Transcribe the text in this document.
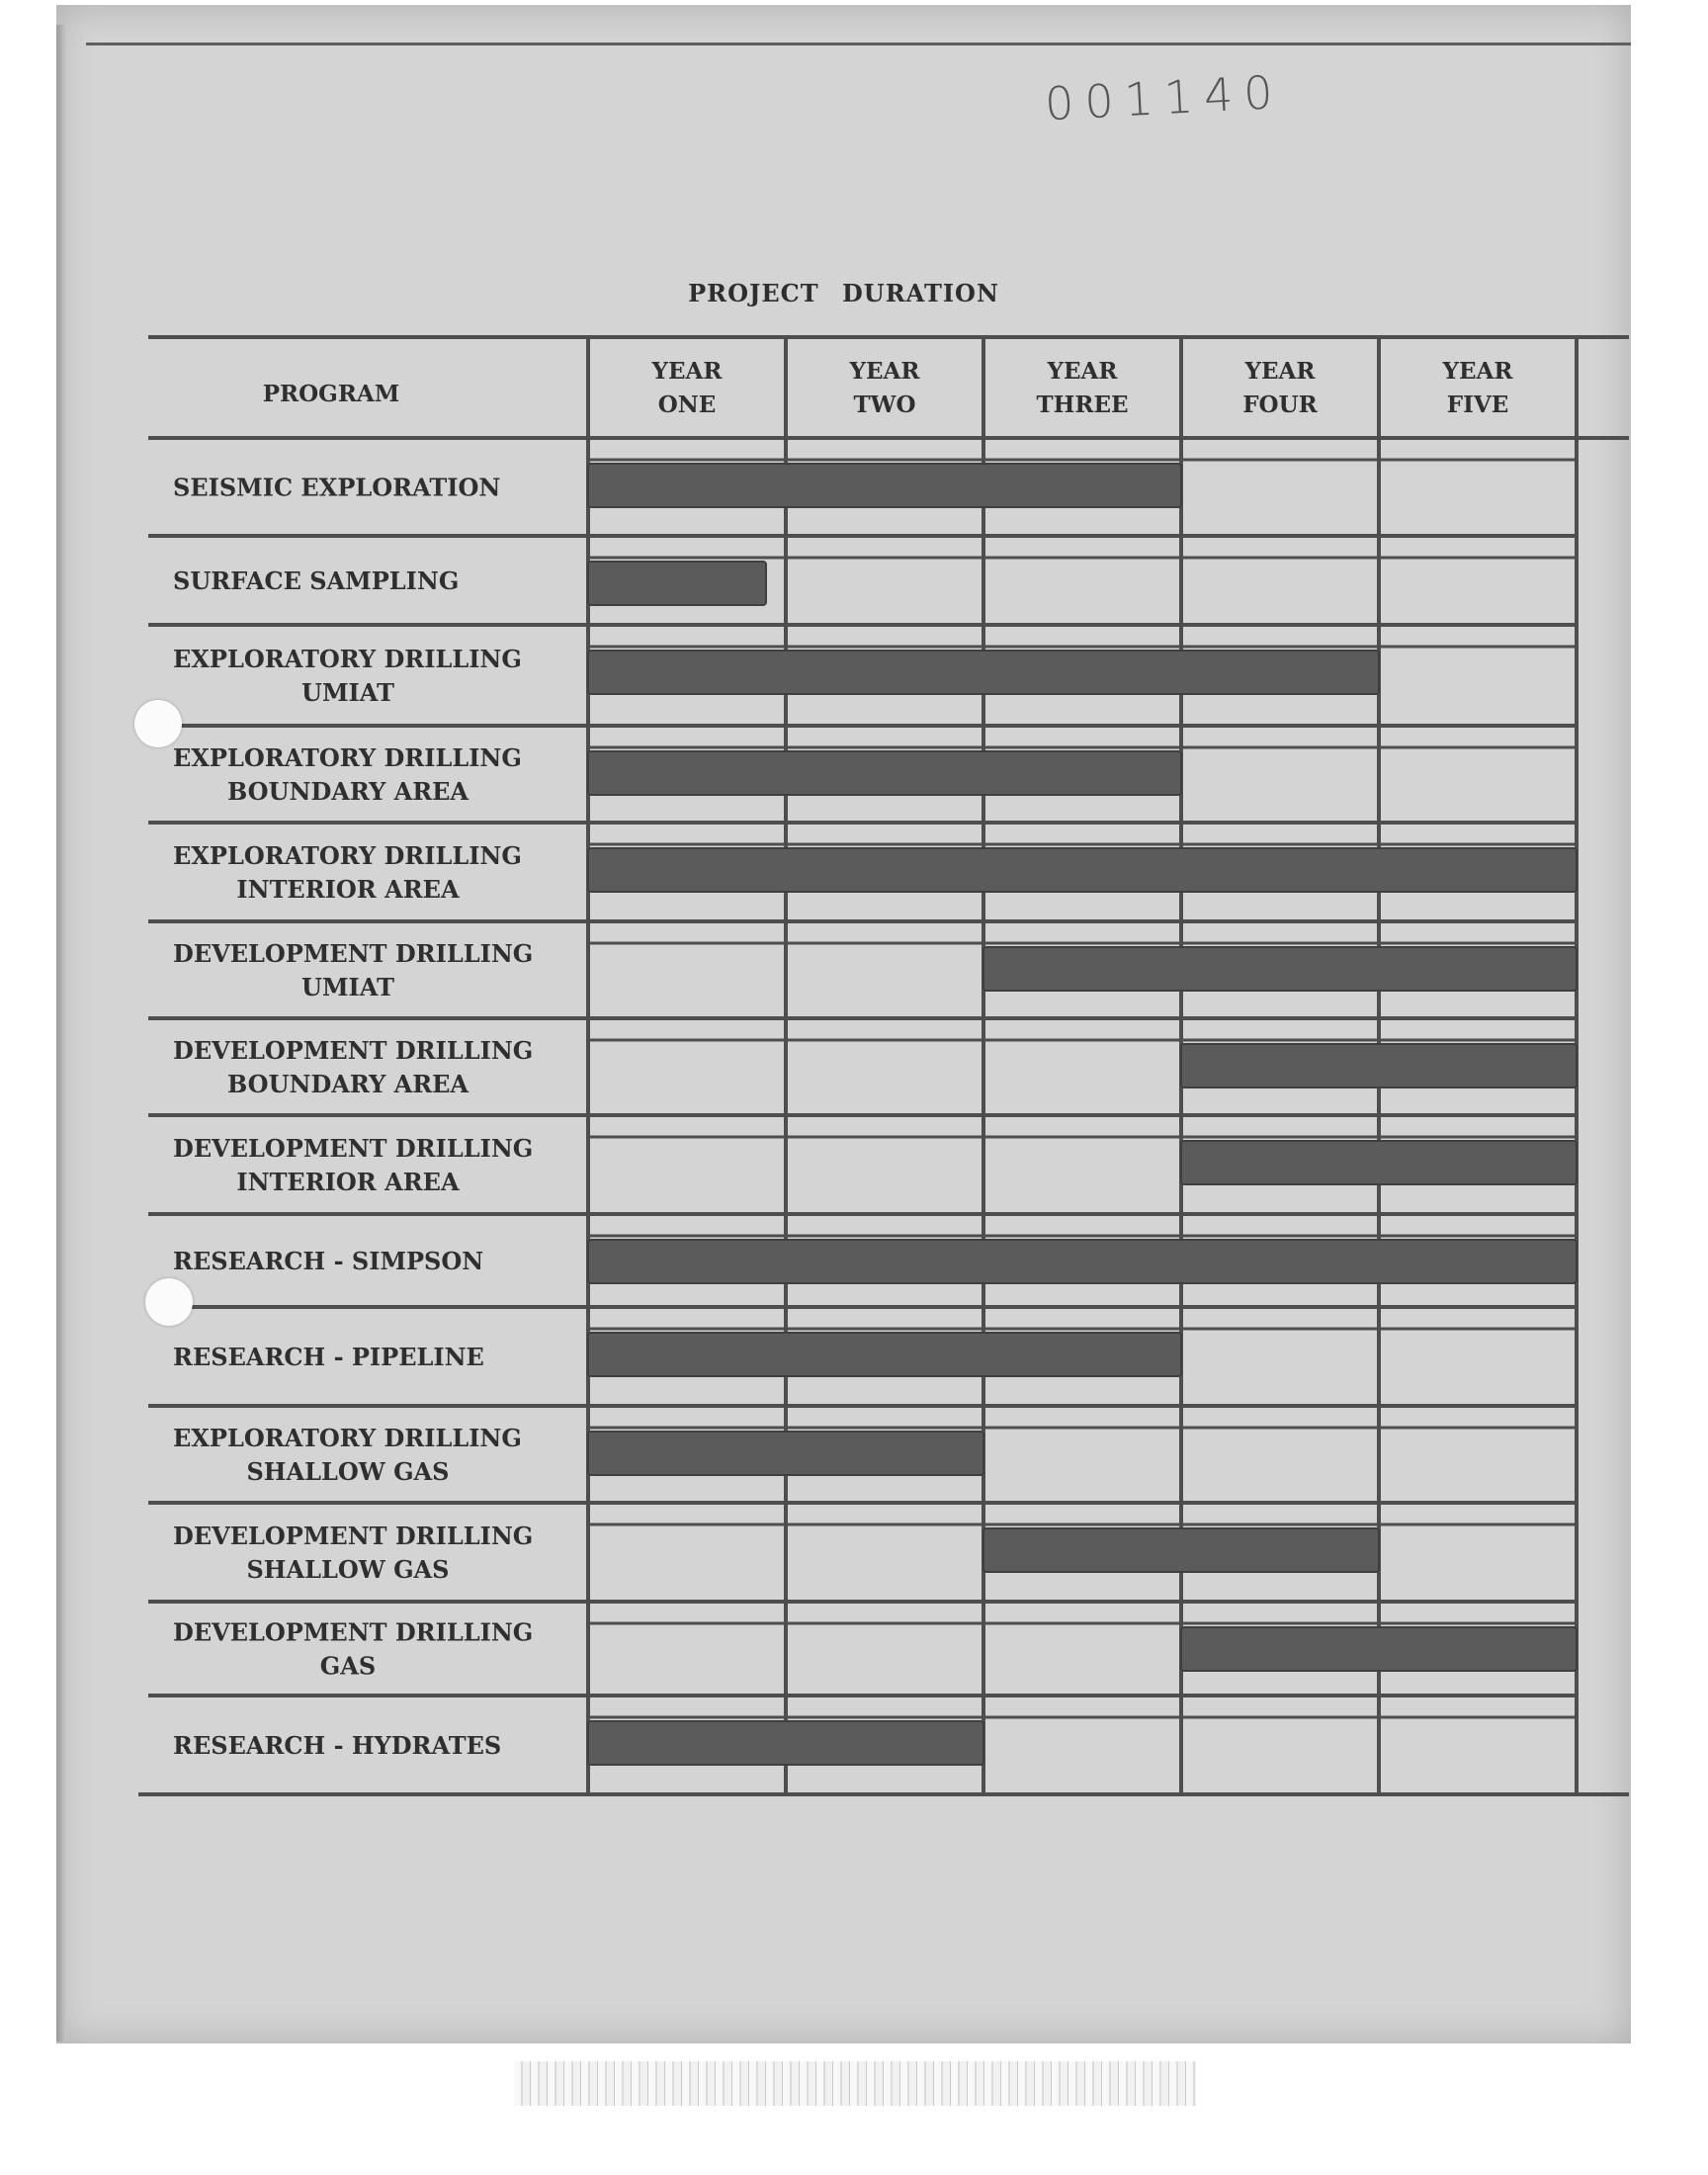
001140
PROJECT DURATION
PROGRAM
YEAR
ONE
YEAR
TWO
YEAR
THREE
YEAR
FOUR
YEAR
FIVE
SEISMIC EXPLORATION
SURFACE SAMPLING
EXPLORATORY DRILLING
UMIAT
EXPLORATORY DRILLING
BOUNDARY AREA
EXPLORATORY DRILLING
INTERIOR AREA
DEVELOPMENT DRILLING
UMIAT
DEVELOPMENT DRILLING
BOUNDARY AREA
DEVELOPMENT DRILLING
INTERIOR AREA
RESEARCH - SIMPSON
RESEARCH - PIPELINE
EXPLORATORY DRILLING
SHALLOW GAS
DEVELOPMENT DRILLING
SHALLOW GAS
DEVELOPMENT DRILLING
GAS
RESEARCH - HYDRATES
